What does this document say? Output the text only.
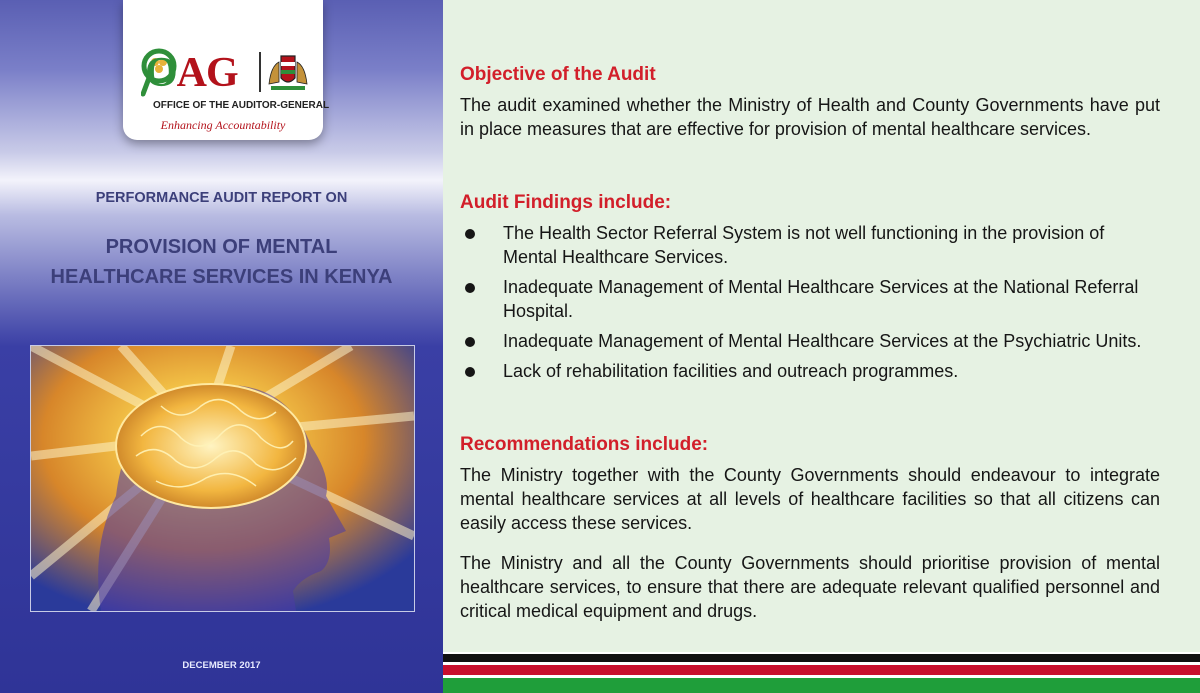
OAG
OFFICE OF THE AUDITOR-GENERAL
Enhancing Accountability
PERFORMANCE AUDIT REPORT ON
PROVISION OF MENTAL
HEALTHCARE SERVICES IN KENYA
DECEMBER 2017
Objective of the Audit
The audit examined whether the Ministry of Health and County Governments have put in place measures that are effective for provision of mental healthcare services.
Audit Findings include:
The Health Sector Referral System is not well functioning in the provision of Mental Healthcare Services.
Inadequate Management of Mental Healthcare Services at the National Referral Hospital.
Inadequate Management of Mental Healthcare Services at the Psychiatric Units.
Lack of rehabilitation facilities and outreach programmes.
Recommendations include:
The Ministry together with the County Governments should endeavour to integrate mental healthcare services at all levels of healthcare facilities so that all citizens can easily access these services.
The Ministry and all the County Governments should prioritise provision of mental healthcare services, to ensure that there are adequate relevant qualified personnel and critical medical equipment and drugs.
